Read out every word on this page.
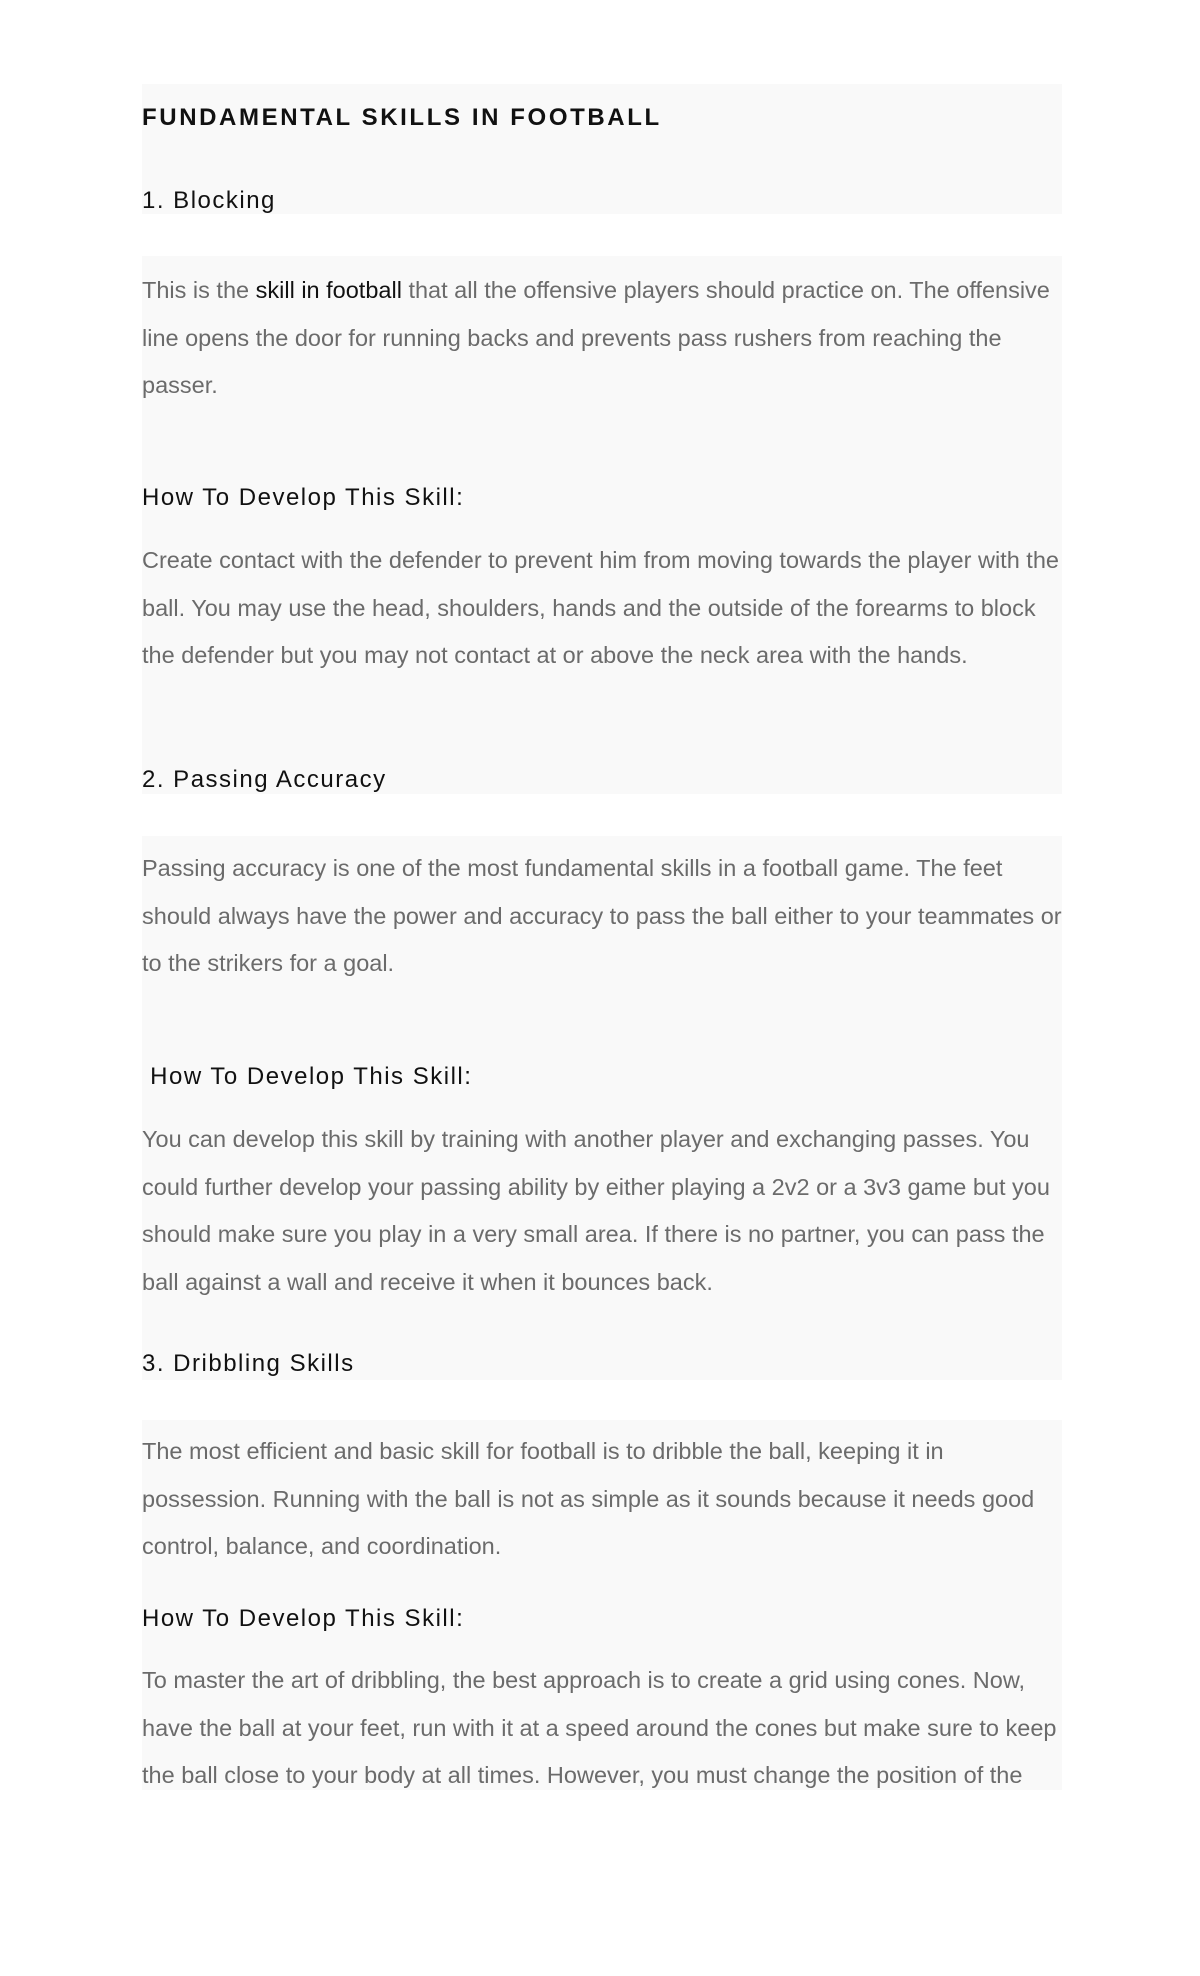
FUNDAMENTAL SKILLS IN FOOTBALL
1. Blocking

This is the skill in football that all the offensive players should practice on. The offensive line opens the door for running backs and prevents pass rushers from reaching the passer.

How To Develop This Skill:

Create contact with the defender to prevent him from moving towards the player with the ball. You may use the head, shoulders, hands and the outside of the forearms to block the defender but you may not contact at or above the neck area with the hands.

2. Passing Accuracy

Passing accuracy is one of the most fundamental skills in a football game. The feet should always have the power and accuracy to pass the ball either to your teammates or to the strikers for a goal.

How To Develop This Skill:

You can develop this skill by training with another player and exchanging passes. You could further develop your passing ability by either playing a 2v2 or a 3v3 game but you should make sure you play in a very small area. If there is no partner, you can pass the ball against a wall and receive it when it bounces back.

3. Dribbling Skills

The most efficient and basic skill for football is to dribble the ball, keeping it in possession. Running with the ball is not as simple as it sounds because it needs good control, balance, and coordination.

How To Develop This Skill:

To master the art of dribbling, the best approach is to create a grid using cones. Now, have the ball at your feet, run with it at a speed around the cones but make sure to keep the ball close to your body at all times. However, you must change the position of the
